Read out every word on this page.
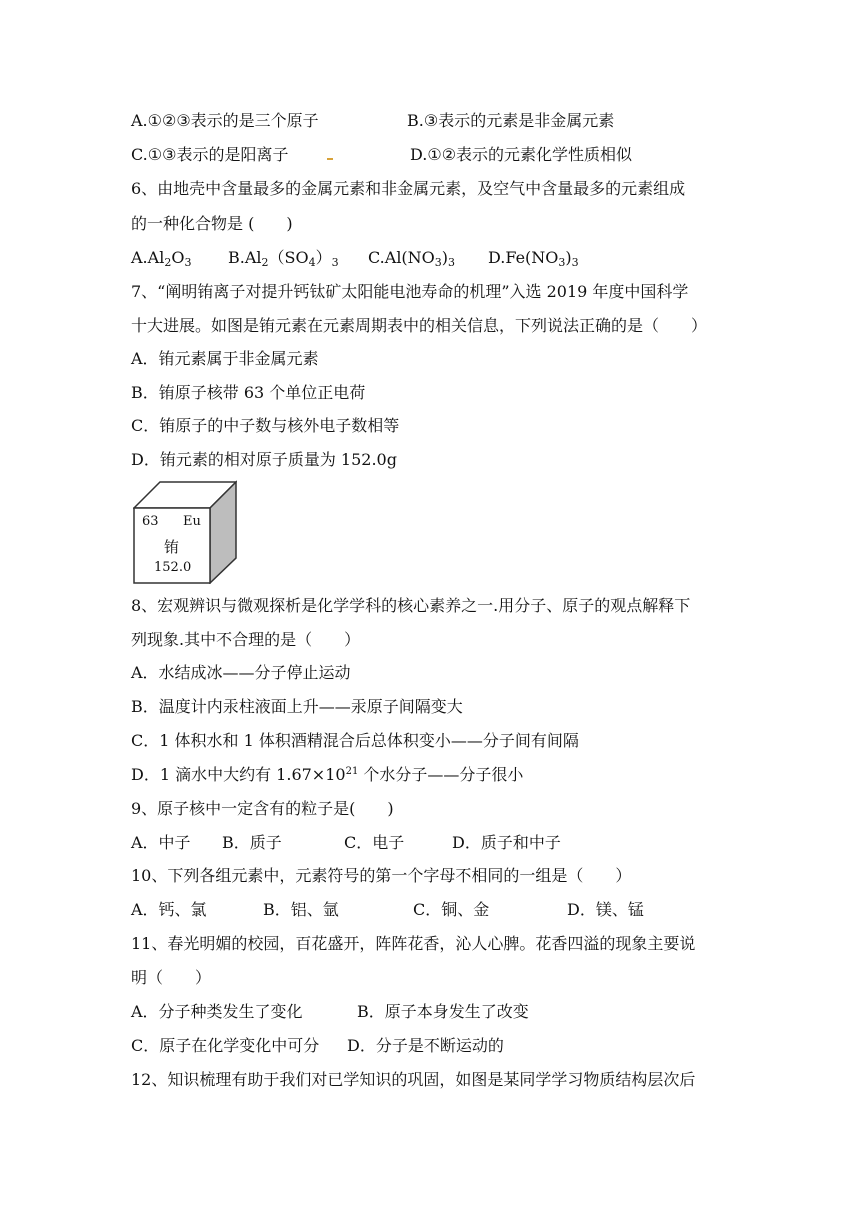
A.①②③表示的是三个原子	B.③表示的元素是非金属元素
C.①③表示的是阳离子	D.①②表示的元素化学性质相似
6、由地壳中含量最多的金属元素和非金属元素，及空气中含量最多的元素组成
的一种化合物是 (　　)
$A.Al_2O_3$ $B.Al_2(SO_4)_3$ $C.Al(NO_3)_3$ $D.Fe(NO_3)_3$
7、“阐明铕离子对提升钙钛矿太阳能电池寿命的机理”入选 2019 年度中国科学
十大进展。如图是铕元素在元素周期表中的相关信息，下列说法正确的是（　　）
A．铕元素属于非金属元素
B．铕原子核带 63 个单位正电荷
C．铕原子的中子数与核外电子数相等
D．铕元素的相对原子质量为 152.0g
63 Eu
铕
152.0
8、宏观辨识与微观探析是化学学科的核心素养之一.用分子、原子的观点解释下
列现象.其中不合理的是（　　）
A．水结成冰——分子停止运动
B．温度计内汞柱液面上升——汞原子间隔变大
C．1 体积水和 1 体积酒精混合后总体积变小——分子间有间隔
D．1 滴水中大约有 $1.67\times 10^{21}$ 个水分子——分子很小
9、原子核中一定含有的粒子是(　　)
A．中子 B．质子	C．电子	D．质子和中子
10、下列各组元素中，元素符号的第一个字母不相同的一组是（　　）
A．钙、氯	B．铝、氩	C．铜、金	D．镁、锰
11、春光明媚的校园，百花盛开，阵阵花香，沁人心脾。花香四溢的现象主要说
明（　　）
A．分子种类发生了变化	B．原子本身发生了改变
C．原子在化学变化中可分 D．分子是不断运动的
12、知识梳理有助于我们对已学知识的巩固，如图是某同学学习物质结构层次后
